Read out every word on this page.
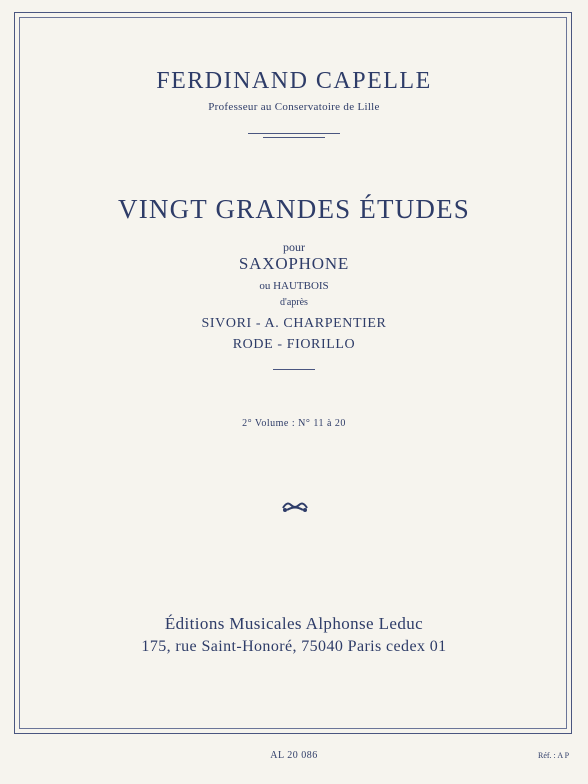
FERDINAND CAPELLE

Professeur au Conservatoire de Lille

VINGT GRANDES ÉTUDES

pour

SAXOPHONE

ou HAUTBOIS

d'après

SIVORI - A. CHARPENTIER

RODE - FIORILLO

2° Volume : N° 11 à 20

Éditions Musicales Alphonse Leduc

175, rue Saint-Honoré, 75040 Paris cedex 01

AL 20 086	Réf. : A P
